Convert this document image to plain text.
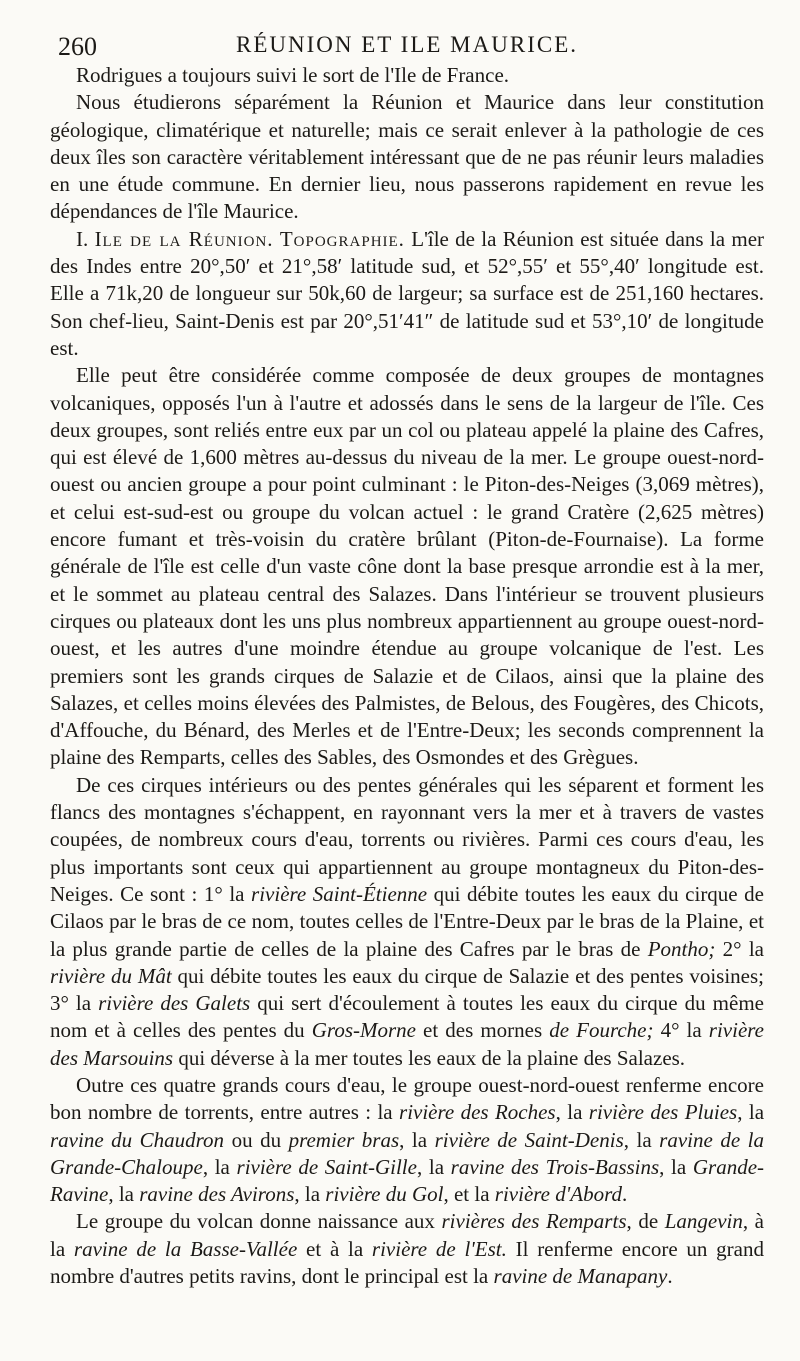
260	RÉUNION ET ILE MAURICE.

Rodrigues a toujours suivi le sort de l'Ile de France.

Nous étudierons séparément la Réunion et Maurice dans leur constitution géologique, climatérique et naturelle; mais ce serait enlever à la pathologie de ces deux îles son caractère véritablement intéressant que de ne pas réunir leurs maladies en une étude commune. En dernier lieu, nous passerons rapidement en revue les dépendances de l'île Maurice.

I. Ile de la Réunion. Topographie. L'île de la Réunion est située dans la mer des Indes entre 20°,50′ et 21°,58′ latitude sud, et 52°,55′ et 55°,40′ longitude est. Elle a 71k,20 de longueur sur 50k,60 de largeur; sa surface est de 251,160 hectares. Son chef-lieu, Saint-Denis est par 20°,51′41″ de latitude sud et 53°,10′ de longitude est.

Elle peut être considérée comme composée de deux groupes de montagnes volcaniques, opposés l'un à l'autre et adossés dans le sens de la largeur de l'île. Ces deux groupes, sont reliés entre eux par un col ou plateau appelé la plaine des Cafres, qui est élevé de 1,600 mètres au-dessus du niveau de la mer. Le groupe ouest-nord-ouest ou ancien groupe a pour point culminant : le Piton-des-Neiges (3,069 mètres), et celui est-sud-est ou groupe du volcan actuel : le grand Cratère (2,625 mètres) encore fumant et très-voisin du cratère brûlant (Piton-de-Fournaise). La forme générale de l'île est celle d'un vaste cône dont la base presque arrondie est à la mer, et le sommet au plateau central des Salazes. Dans l'intérieur se trouvent plusieurs cirques ou plateaux dont les uns plus nombreux appartiennent au groupe ouest-nord-ouest, et les autres d'une moindre étendue au groupe volcanique de l'est. Les premiers sont les grands cirques de Salazie et de Cilaos, ainsi que la plaine des Salazes, et celles moins élevées des Palmistes, de Belous, des Fougères, des Chicots, d'Affouche, du Bénard, des Merles et de l'Entre-Deux; les seconds comprennent la plaine des Remparts, celles des Sables, des Osmondes et des Grègues.

De ces cirques intérieurs ou des pentes générales qui les séparent et forment les flancs des montagnes s'échappent, en rayonnant vers la mer et à travers de vastes coupées, de nombreux cours d'eau, torrents ou rivières. Parmi ces cours d'eau, les plus importants sont ceux qui appartiennent au groupe montagneux du Piton-des-Neiges. Ce sont : 1° la rivière Saint-Étienne qui débite toutes les eaux du cirque de Cilaos par le bras de ce nom, toutes celles de l'Entre-Deux par le bras de la Plaine, et la plus grande partie de celles de la plaine des Cafres par le bras de Pontho; 2° la rivière du Mât qui débite toutes les eaux du cirque de Salazie et des pentes voisines; 3° la rivière des Galets qui sert d'écoulement à toutes les eaux du cirque du même nom et à celles des pentes du Gros-Morne et des mornes de Fourche; 4° la rivière des Marsouins qui déverse à la mer toutes les eaux de la plaine des Salazes.

Outre ces quatre grands cours d'eau, le groupe ouest-nord-ouest renferme encore bon nombre de torrents, entre autres : la rivière des Roches, la rivière des Pluies, la ravine du Chaudron ou du premier bras, la rivière de Saint-Denis, la ravine de la Grande-Chaloupe, la rivière de Saint-Gille, la ravine des Trois-Bassins, la Grande-Ravine, la ravine des Avirons, la rivière du Gol, et la rivière d'Abord.

Le groupe du volcan donne naissance aux rivières des Remparts, de Langevin, à la ravine de la Basse-Vallée et à la rivière de l'Est. Il renferme encore un grand nombre d'autres petits ravins, dont le principal est la ravine de Manapany.
